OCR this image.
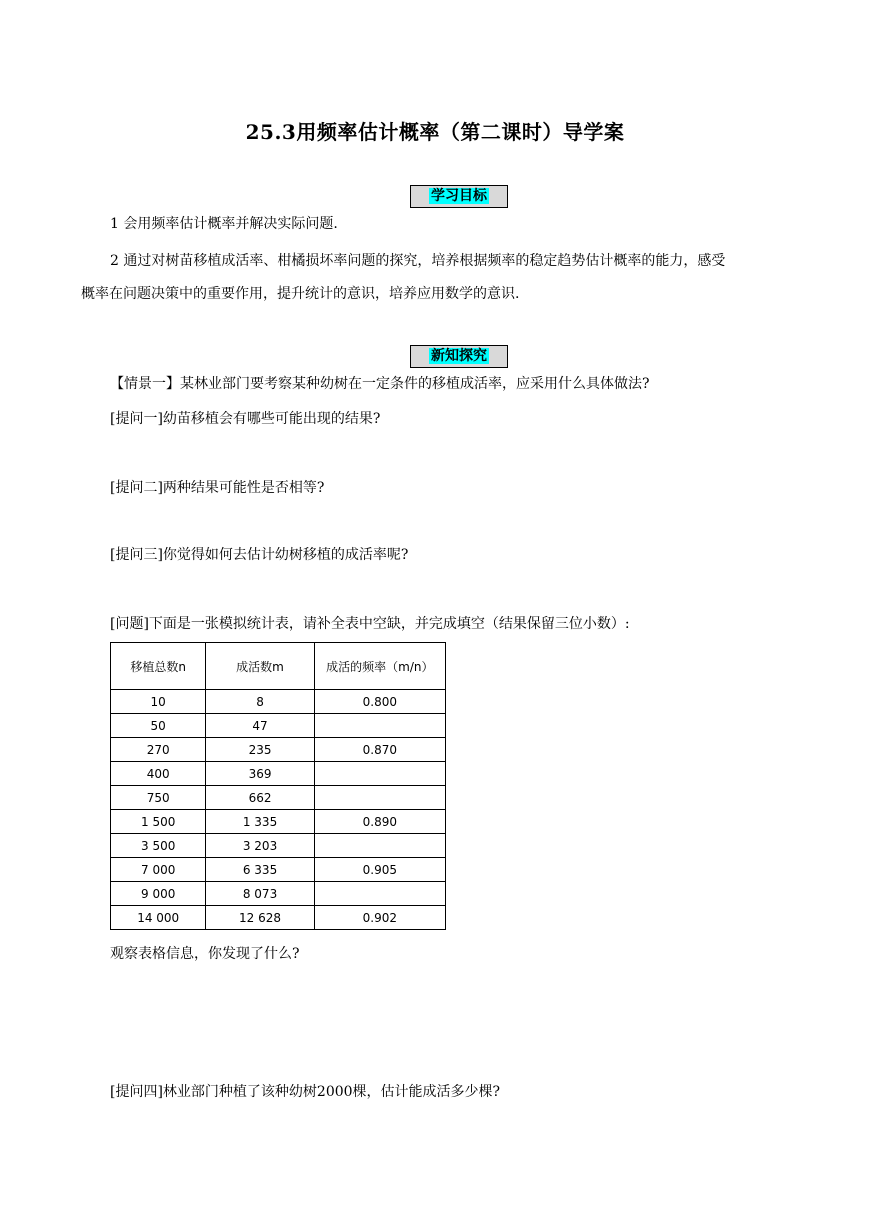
25.3用频率估计概率（第二课时）导学案
学习目标
1 会用频率估计概率并解决实际问题.
2 通过对树苗移植成活率、柑橘损坏率问题的探究，培养根据频率的稳定趋势估计概率的能力，感受
概率在问题决策中的重要作用，提升统计的意识，培养应用数学的意识.
新知探究
【情景一】某林业部门要考察某种幼树在一定条件的移植成活率，应采用什么具体做法?
[提问一]幼苗移植会有哪些可能出现的结果?
[提问二]两种结果可能性是否相等?
[提问三]你觉得如何去估计幼树移植的成活率呢?
[问题]下面是一张模拟统计表，请补全表中空缺，并完成填空（结果保留三位小数）:
移植总数n	成活数m	成活的频率（m/n）
10	8	0.800
50	47	
270	235	0.870
400	369	
750	662	
1 500	1 335	0.890
3 500	3 203	
7 000	6 335	0.905
9 000	8 073	
14 000	12 628	0.902
观察表格信息，你发现了什么?
[提问四]林业部门种植了该种幼树2000棵，估计能成活多少棵?
